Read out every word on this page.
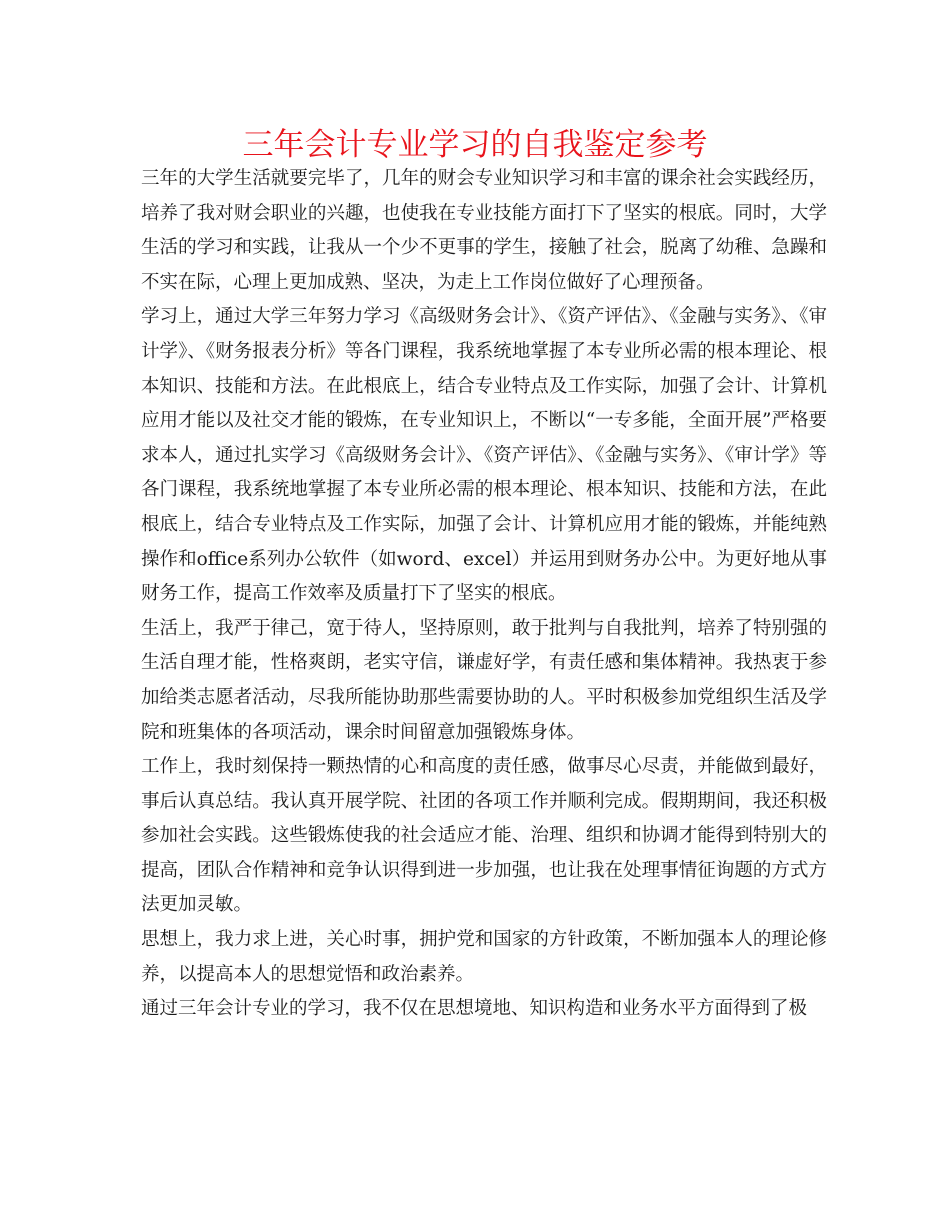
三年会计专业学习的自我鉴定参考

三年的大学生活就要完毕了，几年的财会专业知识学习和丰富的课余社会实践经历，培养了我对财会职业的兴趣，也使我在专业技能方面打下了坚实的根底。同时，大学生活的学习和实践，让我从一个少不更事的学生，接触了社会，脱离了幼稚、急躁和不实在际，心理上更加成熟、坚决，为走上工作岗位做好了心理预备。

学习上，通过大学三年努力学习《高级财务会计》、《资产评估》、《金融与实务》、《审计学》、《财务报表分析》等各门课程，我系统地掌握了本专业所必需的根本理论、根本知识、技能和方法。在此根底上，结合专业特点及工作实际，加强了会计、计算机应用才能以及社交才能的锻炼，在专业知识上，不断以“一专多能，全面开展”严格要求本人，通过扎实学习《高级财务会计》、《资产评估》、《金融与实务》、《审计学》等各门课程，我系统地掌握了本专业所必需的根本理论、根本知识、技能和方法，在此根底上，结合专业特点及工作实际，加强了会计、计算机应用才能的锻炼，并能纯熟操作和office系列办公软件（如word、excel）并运用到财务办公中。为更好地从事财务工作，提高工作效率及质量打下了坚实的根底。

生活上，我严于律己，宽于待人，坚持原则，敢于批判与自我批判，培养了特别强的生活自理才能，性格爽朗，老实守信，谦虚好学，有责任感和集体精神。我热衷于参加给类志愿者活动，尽我所能协助那些需要协助的人。平时积极参加党组织生活及学院和班集体的各项活动，课余时间留意加强锻炼身体。

工作上，我时刻保持一颗热情的心和高度的责任感，做事尽心尽责，并能做到最好，事后认真总结。我认真开展学院、社团的各项工作并顺利完成。假期期间，我还积极参加社会实践。这些锻炼使我的社会适应才能、治理、组织和协调才能得到特别大的提高，团队合作精神和竞争认识得到进一步加强，也让我在处理事情征询题的方式方法更加灵敏。

思想上，我力求上进，关心时事，拥护党和国家的方针政策，不断加强本人的理论修养，以提高本人的思想觉悟和政治素养。

通过三年会计专业的学习，我不仅在思想境地、知识构造和业务水平方面得到了极
